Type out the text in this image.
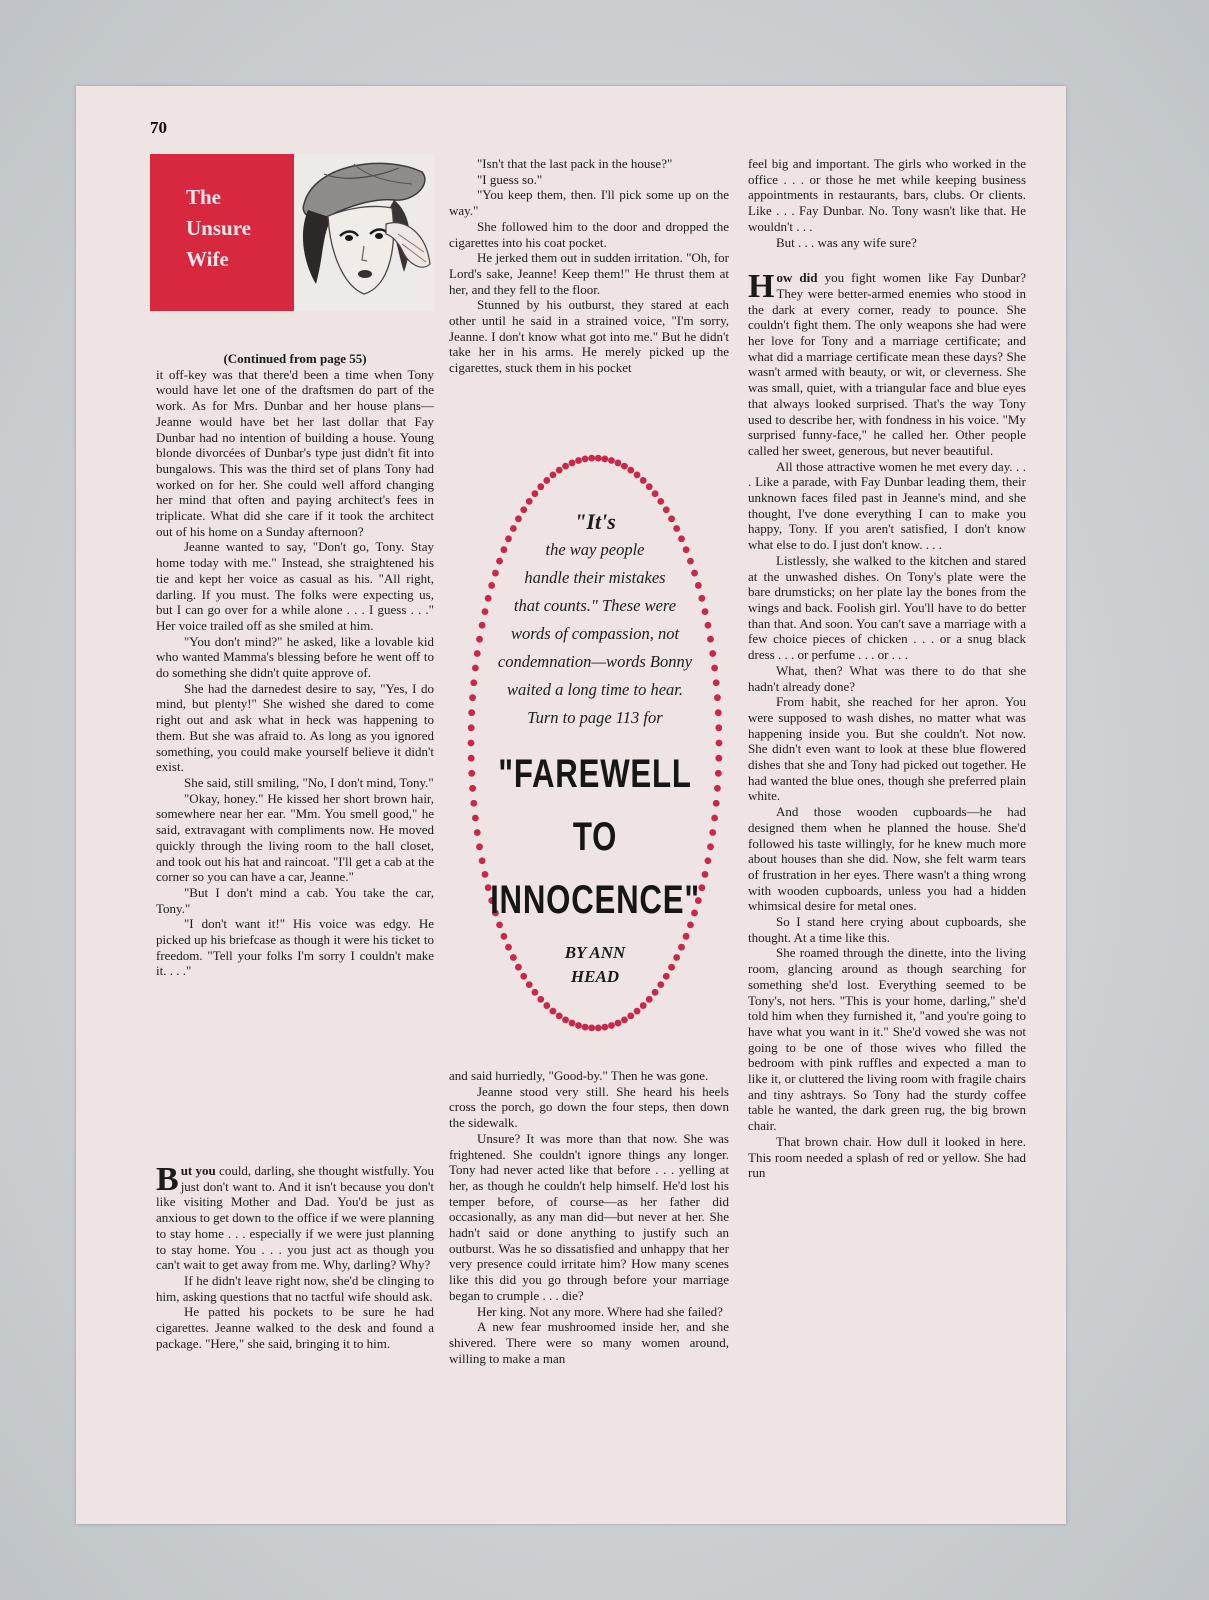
70
The
Unsure
Wife

(Continued from page 55)

it off-key was that there'd been a time when Tony would have let one of the draftsmen do part of the work. As for Mrs. Dunbar and her house plans—Jeanne would have bet her last dollar that Fay Dunbar had no intention of building a house. Young blonde divorcées of Dunbar's type just didn't fit into bungalows. This was the third set of plans Tony had worked on for her. She could well afford changing her mind that often and paying architect's fees in triplicate. What did she care if it took the architect out of his home on a Sunday afternoon?

Jeanne wanted to say, "Don't go, Tony. Stay home today with me." Instead, she straightened his tie and kept her voice as casual as his. "All right, darling. If you must. The folks were expecting us, but I can go over for a while alone . . . I guess . . ." Her voice trailed off as she smiled at him.

"You don't mind?" he asked, like a lovable kid who wanted Mamma's blessing before he went off to do something she didn't quite approve of.

She had the darnedest desire to say, "Yes, I do mind, but plenty!" She wished she dared to come right out and ask what in heck was happening to them. But she was afraid to. As long as you ignored something, you could make yourself believe it didn't exist.

She said, still smiling, "No, I don't mind, Tony."

"Okay, honey." He kissed her short brown hair, somewhere near her ear. "Mm. You smell good," he said, extravagant with compliments now. He moved quickly through the living room to the hall closet, and took out his hat and raincoat. "I'll get a cab at the corner so you can have a car, Jeanne."

"But I don't mind a cab. You take the car, Tony."

"I don't want it!" His voice was edgy. He picked up his briefcase as though it were his ticket to freedom. "Tell your folks I'm sorry I couldn't make it. . . ."

But you could, darling, she thought wistfully. You just don't want to. And it isn't because you don't like visiting Mother and Dad. You'd be just as anxious to get down to the office if we were planning to stay home . . . especially if we were just planning to stay home. You . . . you just act as though you can't wait to get away from me. Why, darling? Why?

If he didn't leave right now, she'd be clinging to him, asking questions that no tactful wife should ask.

He patted his pockets to be sure he had cigarettes. Jeanne walked to the desk and found a package. "Here," she said, bringing it to him.

"Isn't that the last pack in the house?"

"I guess so."

"You keep them, then. I'll pick some up on the way."

She followed him to the door and dropped the cigarettes into his coat pocket.

He jerked them out in sudden irritation. "Oh, for Lord's sake, Jeanne! Keep them!" He thrust them at her, and they fell to the floor.

Stunned by his outburst, they stared at each other until he said in a strained voice, "I'm sorry, Jeanne. I don't know what got into me." But he didn't take her in his arms. He merely picked up the cigarettes, stuck them in his pocket

"It's
the way people
handle their mistakes
that counts." These were
words of compassion, not
condemnation—words Bonny
waited a long time to hear.
Turn to page 113 for
"FAREWELL
TO
INNOCENCE"
BY ANN
HEAD

and said hurriedly, "Good-by." Then he was gone.

Jeanne stood very still. She heard his heels cross the porch, go down the four steps, then down the sidewalk.

Unsure? It was more than that now. She was frightened. She couldn't ignore things any longer. Tony had never acted like that before . . . yelling at her, as though he couldn't help himself. He'd lost his temper before, of course—as her father did occasionally, as any man did—but never at her. She hadn't said or done anything to justify such an outburst. Was he so dissatisfied and unhappy that her very presence could irritate him? How many scenes like this did you go through before your marriage began to crumple . . . die?

Her king. Not any more. Where had she failed?

A new fear mushroomed inside her, and she shivered. There were so many women around, willing to make a man

feel big and important. The girls who worked in the office . . . or those he met while keeping business appointments in restaurants, bars, clubs. Or clients. Like . . . Fay Dunbar. No. Tony wasn't like that. He wouldn't . . .

But . . . was any wife sure?

How did you fight women like Fay Dunbar? They were better-armed enemies who stood in the dark at every corner, ready to pounce. She couldn't fight them. The only weapons she had were her love for Tony and a marriage certificate; and what did a marriage certificate mean these days? She wasn't armed with beauty, or wit, or cleverness. She was small, quiet, with a triangular face and blue eyes that always looked surprised. That's the way Tony used to describe her, with fondness in his voice. "My surprised funny-face," he called her. Other people called her sweet, generous, but never beautiful.

All those attractive women he met every day. . . . Like a parade, with Fay Dunbar leading them, their unknown faces filed past in Jeanne's mind, and she thought, I've done everything I can to make you happy, Tony. If you aren't satisfied, I don't know what else to do. I just don't know. . . .

Listlessly, she walked to the kitchen and stared at the unwashed dishes. On Tony's plate were the bare drumsticks; on her plate lay the bones from the wings and back. Foolish girl. You'll have to do better than that. And soon. You can't save a marriage with a few choice pieces of chicken . . . or a snug black dress . . . or perfume . . . or . . .

What, then? What was there to do that she hadn't already done?

From habit, she reached for her apron. You were supposed to wash dishes, no matter what was happening inside you. But she couldn't. Not now. She didn't even want to look at these blue flowered dishes that she and Tony had picked out together. He had wanted the blue ones, though she preferred plain white.

And those wooden cupboards—he had designed them when he planned the house. She'd followed his taste willingly, for he knew much more about houses than she did. Now, she felt warm tears of frustration in her eyes. There wasn't a thing wrong with wooden cupboards, unless you had a hidden whimsical desire for metal ones.

So I stand here crying about cupboards, she thought. At a time like this.

She roamed through the dinette, into the living room, glancing around as though searching for something she'd lost. Everything seemed to be Tony's, not hers. "This is your home, darling," she'd told him when they furnished it, "and you're going to have what you want in it." She'd vowed she was not going to be one of those wives who filled the bedroom with pink ruffles and expected a man to like it, or cluttered the living room with fragile chairs and tiny ashtrays. So Tony had the sturdy coffee table he wanted, the dark green rug, the big brown chair.

That brown chair. How dull it looked in here. This room needed a splash of red or yellow. She had run
